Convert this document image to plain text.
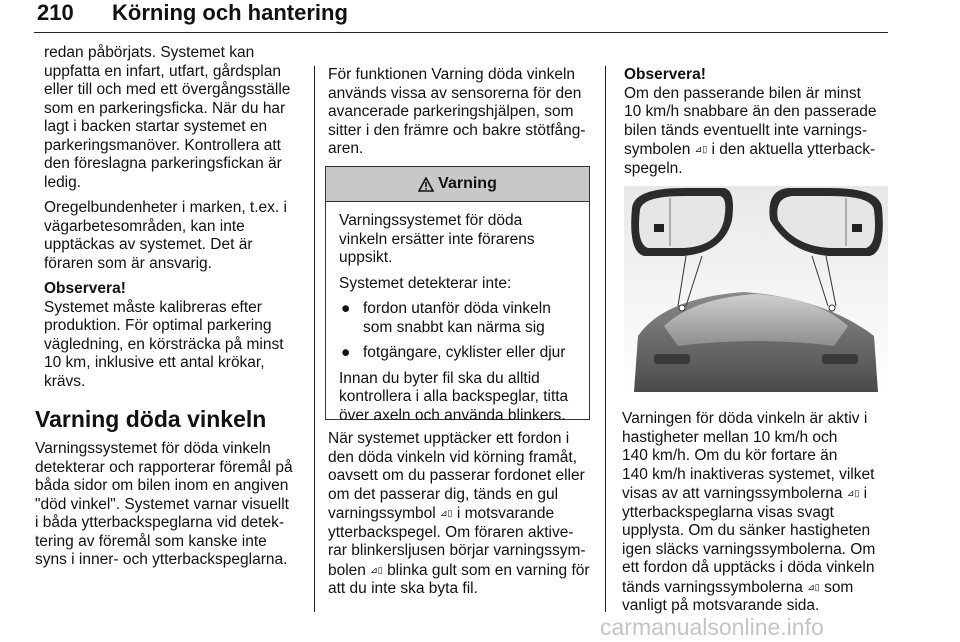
210 Körning och hantering

redan påbörjats. Systemet kan
uppfatta en infart, utfart, gårdsplan
eller till och med ett övergångsställe
som en parkeringsficka. När du har
lagt i backen startar systemet en
parkeringsmanöver. Kontrollera att
den föreslagna parkeringsfickan är
ledig.

Oregelbundenheter i marken, t.ex. i
vägarbetesområden, kan inte
upptäckas av systemet. Det är
föraren som är ansvarig.

Observera!
Systemet måste kalibreras efter
produktion. För optimal parkering
vägledning, en körsträcka på minst
10 km, inklusive ett antal krökar,
krävs.

Varning döda vinkeln
Varningssystemet för döda vinkeln
detekterar och rapporterar föremål på
båda sidor om bilen inom en angiven
"död vinkel". Systemet varnar visuellt
i båda ytterbackspeglarna vid detek-
tering av föremål som kanske inte
syns i inner- och ytterbackspeglarna.

För funktionen Varning döda vinkeln
används vissa av sensorerna för den
avancerade parkeringshjälpen, som
sitter i den främre och bakre stötfång-
aren.

Varning

Varningssystemet för döda
vinkeln ersätter inte förarens
uppsikt.

Systemet detekterar inte:

● fordon utanför döda vinkeln
som snabbt kan närma sig

● fotgängare, cyklister eller djur

Innan du byter fil ska du alltid
kontrollera i alla backspeglar, titta
över axeln och använda blinkers.

När systemet upptäcker ett fordon i
den döda vinkeln vid körning framåt,
oavsett om du passerar fordonet eller
om det passerar dig, tänds en gul
varningssymbol ⊿▯ i motsvarande
ytterbackspegel. Om föraren aktive-
rar blinkersljusen börjar varningssym-
bolen ⊿▯ blinka gult som en varning för
att du inte ska byta fil.
Observera!
Om den passerande bilen är minst
10 km/h snabbare än den passerade
bilen tänds eventuellt inte varnings-
symbolen ⊿▯ i den aktuella ytterback-
spegeln.
Varningen för döda vinkeln är aktiv i
hastigheter mellan 10 km/h och
140 km/h. Om du kör fortare än
140 km/h inaktiveras systemet, vilket
visas av att varningssymbolerna ⊿▯ i
ytterbackspeglarna visas svagt
upplysta. Om du sänker hastigheten
igen släcks varningssymbolerna. Om
ett fordon då upptäcks i döda vinkeln
tänds varningssymbolerna ⊿▯ som
vanligt på motsvarande sida.
carmanualsonline.info
